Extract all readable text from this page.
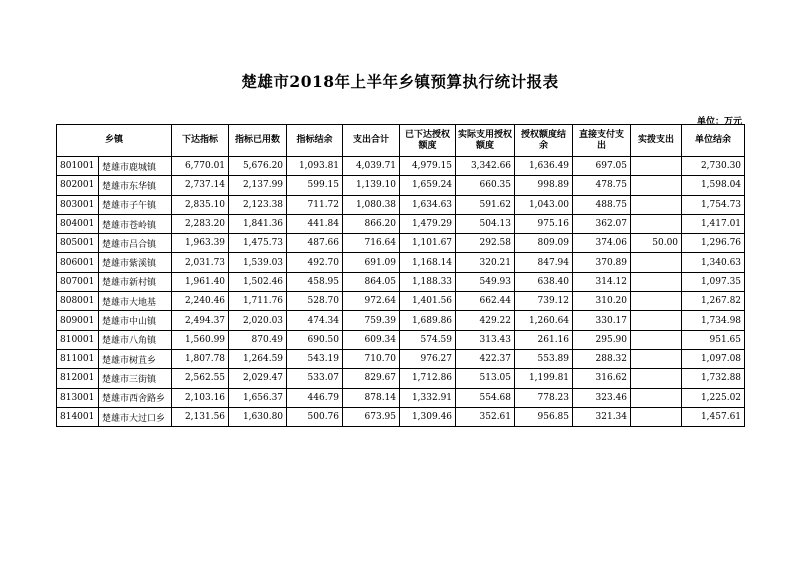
楚雄市2018年上半年乡镇预算执行统计报表
单位：万元
乡镇		下达指标	指标已用数	指标结余	支出合计	已下达授权额度	实际支用授权额度	授权额度结余	直接支付支出	实拨支出	单位结余
801001	楚雄市鹿城镇	6,770.01	5,676.20	1,093.81	4,039.71	4,979.15	3,342.66	1,636.49	697.05		2,730.30
802001	楚雄市东华镇	2,737.14	2,137.99	599.15	1,139.10	1,659.24	660.35	998.89	478.75		1,598.04
803001	楚雄市子午镇	2,835.10	2,123.38	711.72	1,080.38	1,634.63	591.62	1,043.00	488.75		1,754.73
804001	楚雄市苍岭镇	2,283.20	1,841.36	441.84	866.20	1,479.29	504.13	975.16	362.07		1,417.01
805001	楚雄市吕合镇	1,963.39	1,475.73	487.66	716.64	1,101.67	292.58	809.09	374.06	50.00	1,296.76
806001	楚雄市紫溪镇	2,031.73	1,539.03	492.70	691.09	1,168.14	320.21	847.94	370.89		1,340.63
807001	楚雄市新村镇	1,961.40	1,502.46	458.95	864.05	1,188.33	549.93	638.40	314.12		1,097.35
808001	楚雄市大地基	2,240.46	1,711.76	528.70	972.64	1,401.56	662.44	739.12	310.20		1,267.82
809001	楚雄市中山镇	2,494.37	2,020.03	474.34	759.39	1,689.86	429.22	1,260.64	330.17		1,734.98
810001	楚雄市八角镇	1,560.99	870.49	690.50	609.34	574.59	313.43	261.16	295.90		951.65
811001	楚雄市树苴乡	1,807.78	1,264.59	543.19	710.70	976.27	422.37	553.89	288.32		1,097.08
812001	楚雄市三街镇	2,562.55	2,029.47	533.07	829.67	1,712.86	513.05	1,199.81	316.62		1,732.88
813001	楚雄市西舍路乡	2,103.16	1,656.37	446.79	878.14	1,332.91	554.68	778.23	323.46		1,225.02
814001	楚雄市大过口乡	2,131.56	1,630.80	500.76	673.95	1,309.46	352.61	956.85	321.34		1,457.61
